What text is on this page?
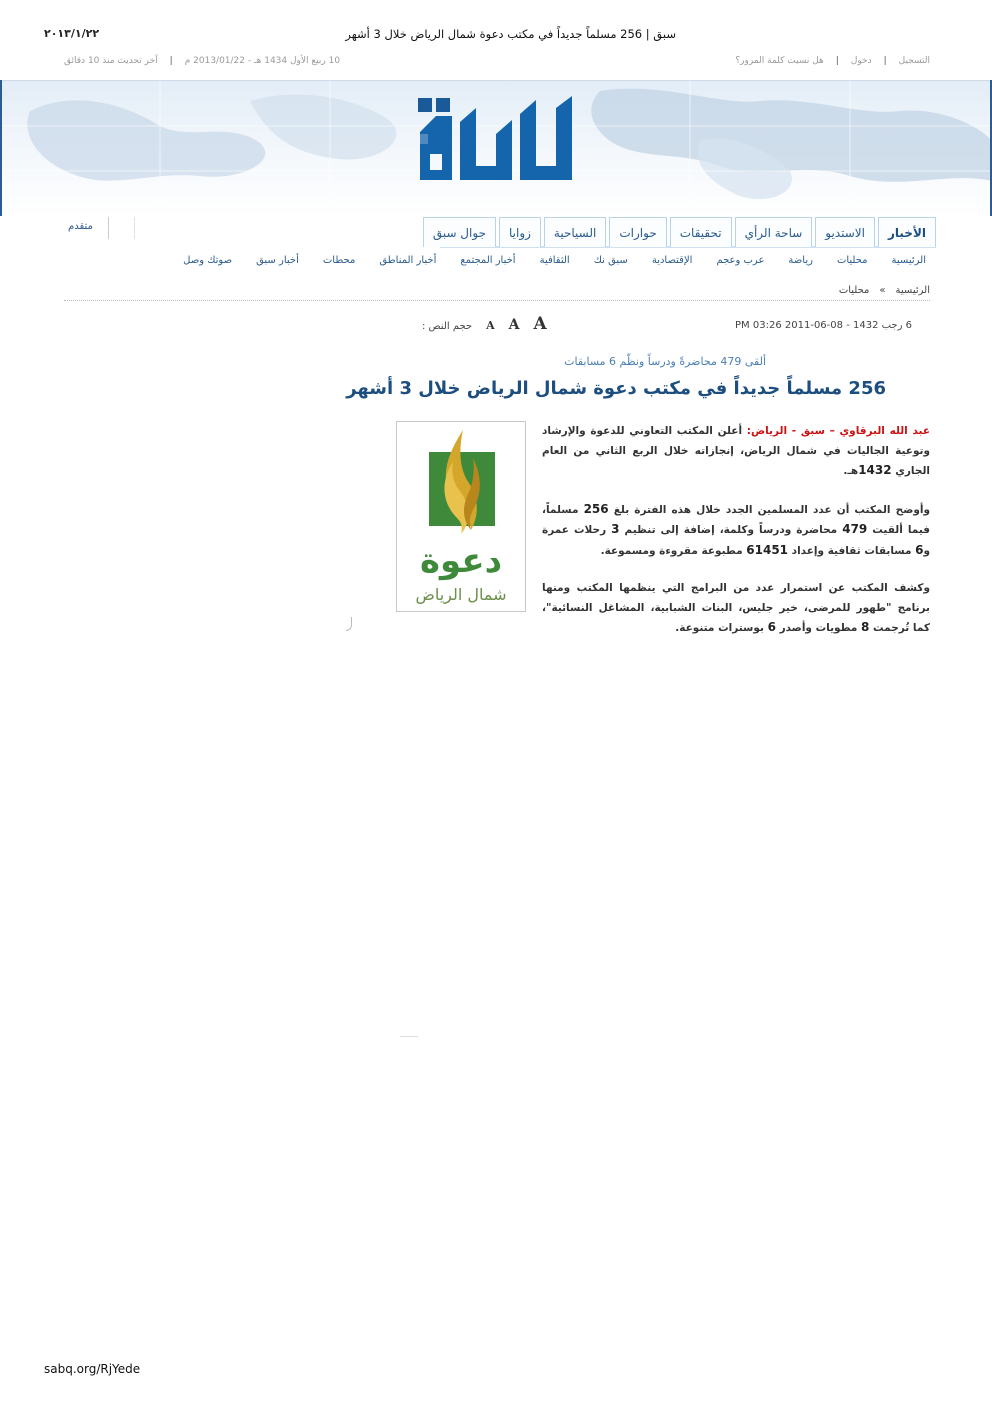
٢٠١٣/١/٢٢	سبق | 256 مسلماً جديداً في مكتب دعوة شمال الرياض خلال 3 أشهر
التسجيل|دخول|هل نسيت كلمة المرور؟
10 ربيع الأول 1434 هـ - 2013/01/22 م|آخر تحديث منذ 10 دقائق
الأخبار
الاستديو
ساحة الرأي
تحقيقات
حوارات
السياحية
زوايا
جوال سبق
متقدم
الرئيسية
محليات
رياضة
عرب وعجم
الإقتصادية
سبق نك
الثقافية
أخبار المجتمع
أخبار المناطق
محطات
أخبار سبق
صوتك وصل
الرئيسية»محليات
6 رجب 1432 - 08-06-2011 PM 03:26
حجم النص : A A A
ألقى 479 محاضرةً ودرساً ونظّم 6 مسابقات
256 مسلماً جديداً في مكتب دعوة شمال الرياض خلال 3 أشهر

عبد الله البرقاوي – سبق - الرياض: أعلن المكتب التعاوني للدعوة والإرشاد وتوعية الجاليات في شمال الرياض، إنجازاته خلال الربع الثاني من العام الجاري 1432هـ.

وأوضح المكتب أن عدد المسلمين الجدد خلال هذه الفترة بلغ 256 مسلماً، فيما ألقيت 479 محاضرة ودرساً وكلمة، إضافة إلى تنظيم 3 رحلات عمرة و6 مسابقات ثقافية وإعداد 61451 مطبوعة مقروءة ومسموعة.

وكشف المكتب عن استمرار عدد من البرامج التي ينظمها المكتب ومنها برنامج "طهور للمرضى، خير جليس، البنات الشبابية، المشاغل النسائية"، كما تُرجمت 8 مطويات وأصدر 6 بوسترات متنوعة.

دعوة
شمال الرياض
sabq.org/RjYede
